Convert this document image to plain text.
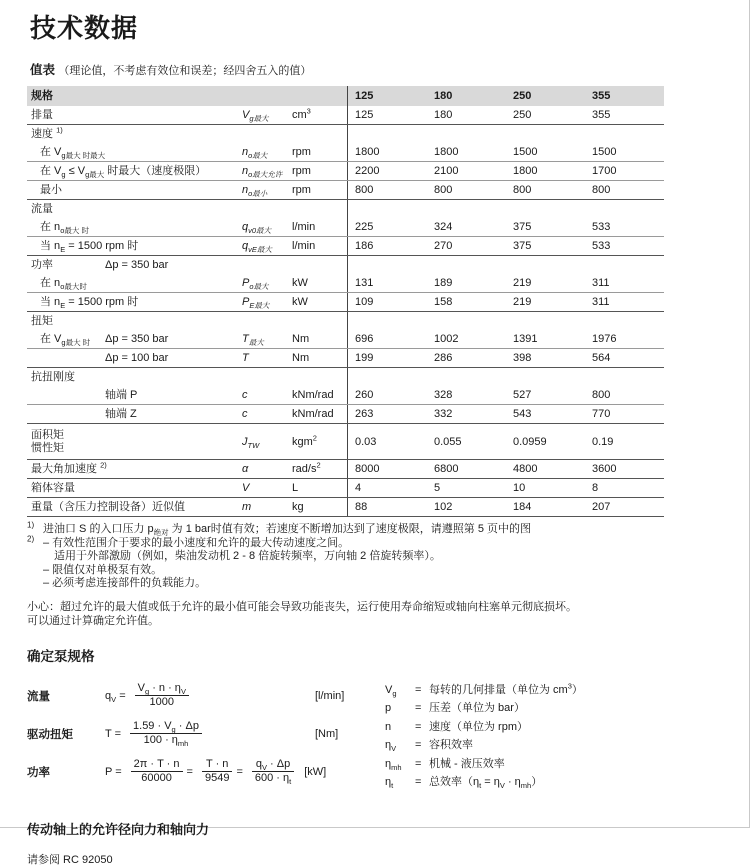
技术数据
值表 （理论值，不考虑有效位和误差；经四舍五入的值）
规格	125	180	250	355
排量	$V_{g最大}$	$cm^3$	125	180	250	355
速度 $^{1)}$
在 $V_{g最大 时最大}$	$n_{o最大}$	rpm	1800	1800	1500	1500
在 $V_g \le V_{g最大}$ 时最大（速度极限）	$n_{o最大允许}$ rpm	2200	2100	1800	1700
最小	$n_{o最小}$	rpm	800	800	800	800
流量
在 $n_{o最大 时}$	$q_{v0最大}$	l/min	225	324	375	533
当 $n_E = 1500$ rpm 时	$q_{vE最大}$	l/min	186	270	375	533
功率	Δp = 350 bar
在 $n_{o最大时}$	$P_{o最大}$	kW	131	189	219	311
当 $n_E = 1500$ rpm 时	$P_{E最大}$	kW	109	158	219	311
扭矩
在 $V_{g最大 时}$	Δp = 350 bar	$T_{最大}$	Nm	696	1002	1391	1976
Δp = 100 bar	T	Nm	199	286	398	564
抗扭刚度
轴端 P	c	kNm/rad	260	328	527	800
轴端 Z	c	kNm/rad	263	332	543	770
面积矩
惯性矩	$J_{TW}$	kgm$^2$	0.03	0.055	0.0959	0.19
最大角加速度 $^{2)}$	α	rad/$s^2$	8000	6800	4800	3600
箱体容量	V	L	4	5	10	8
重量（含压力控制设备）近似值	m	kg	88	102	184	207
$^{1)}$ 进油口 S 的入口压力 $p_{绝对}$ 为 1 bar时值有效；若速度不断增加达到了速度极限，请遵照第 5 页中的图
$^{2)}$ – 有效性范围介于要求的最小速度和允许的最大传动速度之间。
适用于外部激励（例如，柴油发动机 2 - 8 倍旋转频率，万向轴 2 倍旋转频率）。
– 限值仅对单极泵有效。
– 必须考虑连接部件的负载能力。
小心：超过允许的最大值或低于允许的最小值可能会导致功能丧失，运行使用寿命缩短或轴向柱塞单元彻底损坏。
可以通过计算确定允许值。
确定泵规格
流量	$q_V = \frac{V_g \cdot n \cdot \eta_V}{1000}$	[l/min]
驱动扭矩	$T = \frac{1.59 \cdot V_g \cdot \Delta p}{100 \cdot \eta_{mh}}$	[Nm]
功率	$P = \frac{2\pi \cdot T \cdot n}{60000} = \frac{T \cdot n}{9549} = \frac{q_V \cdot \Delta p}{600 \cdot \eta_t} [kW]$
$V_g$	= 每转的几何排量（单位为 $cm^3$）
p	= 压差（单位为 bar）
n	= 速度（单位为 rpm）
$\eta_V$	= 容积效率
$\eta_{mh}$	= 机械 - 液压效率
$\eta_t$	= 总效率$(\eta_t = \eta_V \cdot \eta_{mh})$
传动轴上的允许径向力和轴向力
请参阅 RC 92050
